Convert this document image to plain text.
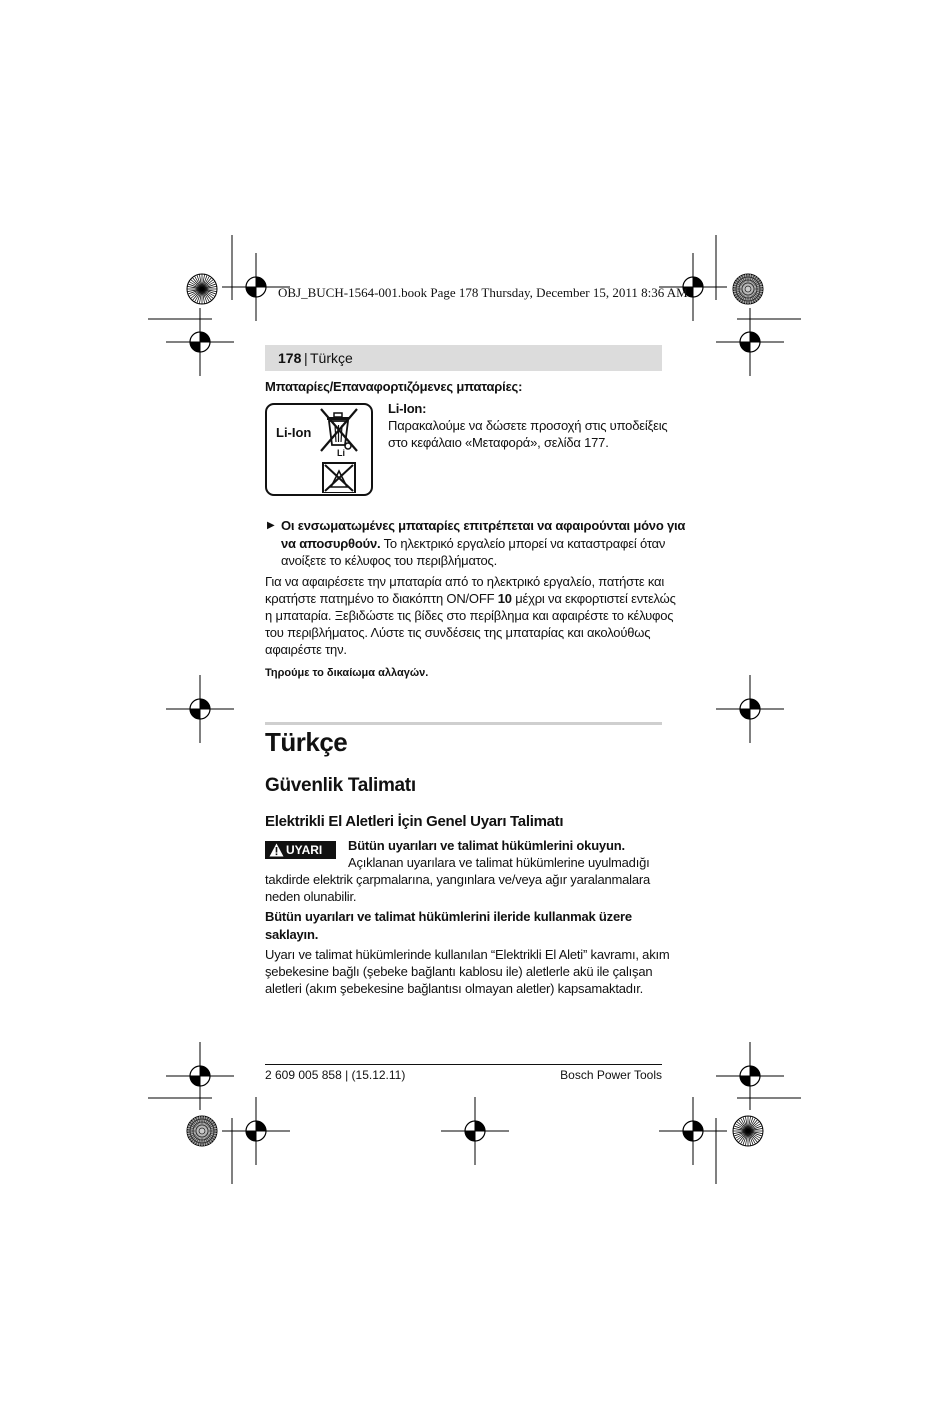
OBJ_BUCH-1564-001.book Page 178 Thursday, December 15, 2011 8:36 AM
178 | Türkçe
Μπαταρίες/Επαναφορτιζόμενες μπαταρίες:
Li-Ion
Li
Li-Ion:
Παρακαλούμε να δώσετε προσοχή στις υποδείξεις
στο κεφάλαιο «Μεταφορά», σελίδα 177.
▶ Οι ενσωματωμένες μπαταρίες επιτρέπεται να αφαιρούνται μόνο για
να αποσυρθούν. Το ηλεκτρικό εργαλείο μπορεί να καταστραφεί όταν
ανοίξετε το κέλυφος του περιβλήματος.
Για να αφαιρέσετε την μπαταρία από το ηλεκτρικό εργαλείο, πατήστε και
κρατήστε πατημένο το διακόπτη ON/OFF 10 μέχρι να εκφορτιστεί εντελώς
η μπαταρία. Ξεβιδώστε τις βίδες στο περίβλημα και αφαιρέστε το κέλυφος
του περιβλήματος. Λύστε τις συνδέσεις της μπαταρίας και ακολούθως
αφαιρέστε την.
Τηρούμε το δικαίωμα αλλαγών.
Türkçe
Güvenlik Talimatı
Elektrikli El Aletleri İçin Genel Uyarı Talimatı
UYARI Bütün uyarıları ve talimat hükümlerini okuyun.
Açıklanan uyarılara ve talimat hükümlerine uyulmadığı
takdirde elektrik çarpmalarına, yangınlara ve/veya ağır yaralanmalara
neden olunabilir.
Bütün uyarıları ve talimat hükümlerini ileride kullanmak üzere
saklayın.
Uyarı ve talimat hükümlerinde kullanılan “Elektrikli El Aleti” kavramı, akım
şebekesine bağlı (şebeke bağlantı kablosu ile) aletlerle akü ile çalışan
aletleri (akım şebekesine bağlantısı olmayan aletler) kapsamaktadır.
2 609 005 858 | (15.12.11)	Bosch Power Tools
